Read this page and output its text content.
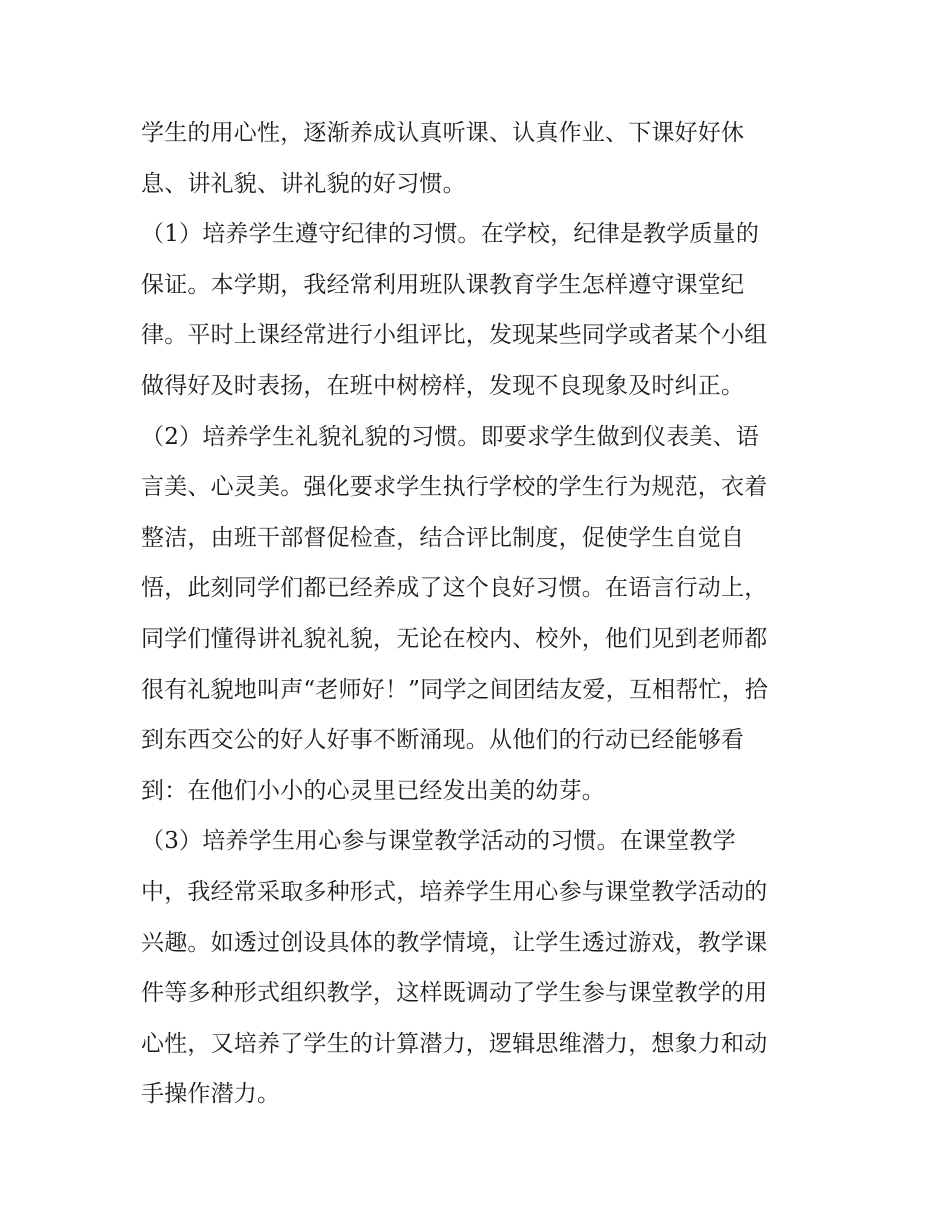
学生的用心性，逐渐养成认真听课、认真作业、下课好好休
息、讲礼貌、讲礼貌的好习惯。
（1）培养学生遵守纪律的习惯。在学校，纪律是教学质量的
保证。本学期，我经常利用班队课教育学生怎样遵守课堂纪
律。平时上课经常进行小组评比，发现某些同学或者某个小组
做得好及时表扬，在班中树榜样，发现不良现象及时纠正。
（2）培养学生礼貌礼貌的习惯。即要求学生做到仪表美、语
言美、心灵美。强化要求学生执行学校的学生行为规范，衣着
整洁，由班干部督促检查，结合评比制度，促使学生自觉自
悟，此刻同学们都已经养成了这个良好习惯。在语言行动上，
同学们懂得讲礼貌礼貌，无论在校内、校外，他们见到老师都
很有礼貌地叫声“老师好！”同学之间团结友爱，互相帮忙，拾
到东西交公的好人好事不断涌现。从他们的行动已经能够看
到：在他们小小的心灵里已经发出美的幼芽。
（3）培养学生用心参与课堂教学活动的习惯。在课堂教学
中，我经常采取多种形式，培养学生用心参与课堂教学活动的
兴趣。如透过创设具体的教学情境，让学生透过游戏，教学课
件等多种形式组织教学，这样既调动了学生参与课堂教学的用
心性，又培养了学生的计算潜力，逻辑思维潜力，想象力和动
手操作潜力。
